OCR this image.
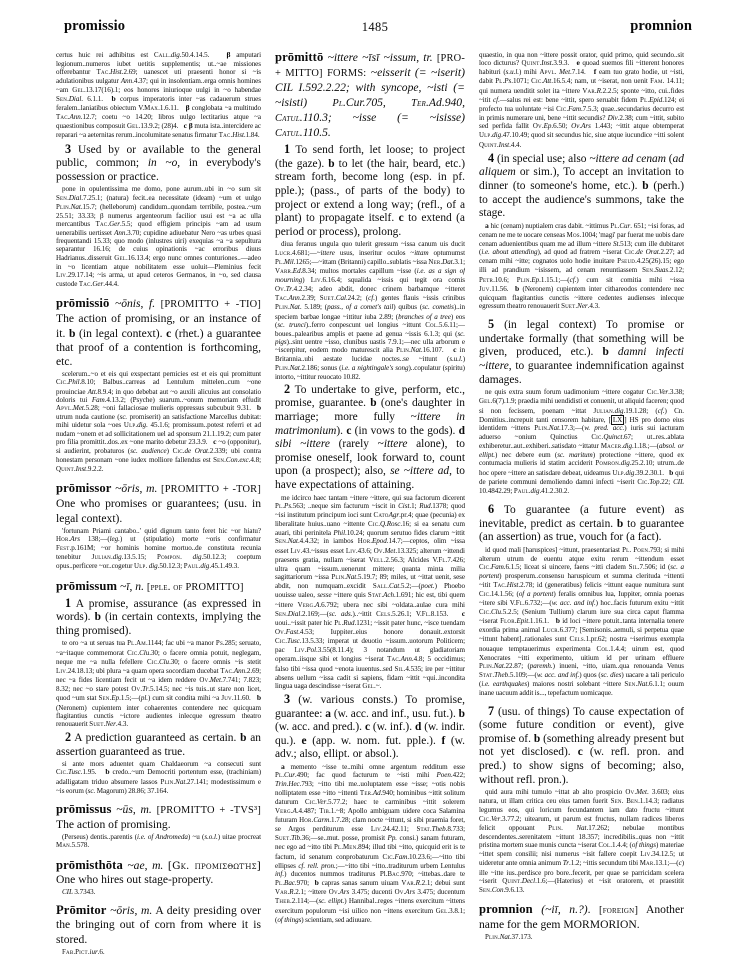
promissio	1485	promnion
certus huic rei adhibitus est Call.dig.50.4.14.5.   β amputari legionum..numeros iubet uetitis supplementis; ut..~ae missiones offerebantur Tac.Hist.2.69; uanescet uti praesenti honor si ~is adulationibus uulgatur Ann.4.37; qui in insolentiam..erga omnis homines ~am Gel.13.17(16).1; eos honores iniurioque uulgi in ~o habendae Sen.Dial. 6.1.1.  b corpus imperatoris inter ~as cadauerum strues feralem..laniatibus obiectum V.Max.1.6.11.   β conglobata ~a multitudo Tac.Ann.12.7; coetu ~o 14.20; libros uulgo lectitarius atque ~a quaestionibus composuit Gel.13.9.2; (28)4.   c β muta ista..intercidere ac reparari ~a aeternitas rerum..incolumitate senatus firmatur Tac.Hist.1.84.
3 Used by or available to the general public, common; in ~o, in everybody's possession or practice.
pone in opulentissima me domo, pone aurum..ubi in ~o sum sit Sen.Dial.7.25.1; (natura) fecit..ea necessitate (ideam) ~um et uulgo Plin.Nat.15.7; (helleborum) candidum..quondam terribile, postea..~um 25.51; 33.33; β numerus argenteorum facilior usui est ~a ac ulla mercantibus Tac.Ger.5.5; quod effigiem principis ~am ad usum uenerabilis uertisset Ann.3.70; cupidine adiuebatur Nero ~as urbes quasi frequentandi 15.33; quo modo (inlustres uiri) exequias ~a ~a sepultura separantur 16.16; de cuius opinationis ~ac erroribus diuus Hadrianus..disseruit Gel.16.13.4; ergo nunc omnes conturiones..—adeo in ~o licentiam atque nobilitatem esse uoluit—Pleminius fecit Liv.29.17.14; ~is arma, ut apud ceteros Germanos, in ~o, sed clausa custode Tac.Ger.44.4.
prōmissiō ~ōnis, f. [PROMITTO + -TIO] The action of promising, or an instance of it. b (in legal context). c (rhet.) a guarantee that proof of a contention is forthcoming, etc.
scelerum..~o et eis qui exspectant pernicies est et eis qui promittunt Cic.Phil.8.10; Balbus..carreas ad Lentulum mittelen..cum ~one prouinciae Att.8.9.4; in quo debebat aut ~o auxili alicuius aut consolatio doloris tui Fam.4.13.2; (Psyche) suarum..~onum memoriam effudit Apvl.Met.5.28; ~oni fallaciosae mulieris oppressus subcubuit 9.31.  b utrum nuda cautione (sc. promiserit) an satisfactione Marcellus dubitat: mihi uidetur sola ~oes Ulp.dig. 45.1.6; promissum..potest referri et ad nudam ~onem et ad sollicitationem uel ad sponsum 21.1.19.2; cum pater pro filia promittit..dos..ex ~one marito debetur 23.3.9.   c ~o (opponitur), si audierint, probaturos (sc. audience) Cic.de Orat.2.339; ubi contra honestam personam ~one iudex molliore fallendus est Sen.Con.exc.4.8; Quint.Inst.9.2.2.
prōmissor ~ōris, m. [PROMITTO + -TOR] One who promises or guarantees; (usu. in legal context).
'fortunam Priami cantabo..' quid dignum tanto feret hic ~or hiatu? Hor.Ars 138;—(leg.) ut (stipulatio) morte ~oris confirmatur Fest.p.161M; ~or hominis homine mortuo..de constituta recunia tenebitur Julian.dig.13.5.15; Pompon. dig.50.12.3; coeptum opus..perficere ~or..cogetur Ulp. dig.50.12.3; Paul.dig.45.1.49.3.
prōmissum ~ī, n. [pple. of PROMITTO]
1 A promise, assurance (as expressed in words). b (in certain contexts, implying the thing promised).
te oro ~a ut seruas tua Pl.Am.1144; fac ubi ~a manor Ps.285; seruato, ~a~itaque commemorat Cic.Clu.30; o facere omnia potuit, neglegam, neque me ~a nulla fefellere Cic.Clu.30; o facere omnis ~is stetit Liv.24.18.13; ubi plura ~a quam opera socordiam ducebat Tac.Ann.2.69; nec ~a fides licentiam fecit ut ~a idem reddere Ov.Met.7.741; 7.823; 8.32; nec ~o stare potest Ov.Tr.5.14.5; nec ~is tuis..ut stare non licet, quod ~um stat Sen.Ep.1.5;—(pl.) cum sit condita mihi ~a Juv.11.60.   b (Neronem) cupientem inter cohaerentes contendere nec quicquam flagitantius cunctis ~ictore audientes inlecque egressum theatro renouauerit Suet.Ner.4.3.
2 A prediction guaranteed as certain. b an assertion guaranteed as true.
si ante mors aduentet quam Chaldaeorum ~a consecuti sunt Cic.Tusc.1.95.   b credo..~um Democriti portentum esse, (trachiniam) adalligatam triduo absumere lassos Plin.Nat.27.141; modestissimum e ~is eorum (sc. Magorum) 28.86; 37.164.
prōmissus ~ūs, m. [PROMITTO + -TVS³] The action of promising.
(Perseus) dentis..parentis (i.e. of Andromeda) ~u (s.o.l.) uitae procreat Man.5.578.
prōmisthōta ~ae, m. [Gk. προμισθωτής] One who hires out stage-property.
CIL 3.7343.
Prōmitor ~ōris, m. A deity presiding over the bringing out of corn from where it is stored.
Fab.Pict.iur.6.
prōmittō ~ittere ~īsī ~issum, tr. [PRO- + MITTO] FORMS: ~eisserit (= ~iserit) CIL I.592.2.22; with syncope, ~isti (= ~isisti) Pl.Cur.705, Ter.Ad.940, Catul.110.3; ~isse (= ~isisse) Catul.110.5.
1 To send forth, let loose; to project (the gaze). b to let (the hair, beard, etc.) stream forth, become long (esp. in pf. pple.); (pass., of parts of the body) to project or extend a long way; (refl., of a plant) to propagate itself. c to extend (a period or process), prolong.
diua feranus ungula quo tulerit gressum ~issa canum uis ducit Lucr.4.681;—~ittere usus, inseritur oculos ~ittam optumumst Pl.Mil.1265;—~ittam (Britanni) capillo..sublatis ~issa Ner.Dat.3.1; Varr.Ed.8.34; multos mortales capillum ~isse (i.e. as a sign of mourning) Liv.6.16.4; squalida ~issis qui tegit ora comis Ov.Tr.4.2.34; adeo abdit, donec crinem barbamque ~itteret Tac.Ann.2.39; Suet.Cal.24.2; (cf.) gentes flauis ~issis crinibus Plin.Nat. 5.189; (pass., of a comet's tail) quibus (sc. cometis)..in speciem barbae longae ~ittitur iuba 2.89; (branches of a tree) eos (sc. trunci)..ferro conpescunt uel longius ~ittunt Col.5.6.11;—boues..palearibus amplis et paene ad genua ~issis 6.1.3; qui (sc. pigs)..sint uentre ~isso, clunibus uastis 7.9.1;—nec ulla arborum e ~iscerpitur, eodem modo maturescit alia Plin.Nat.16.107.   c in Britannia..ubi aestate lucidae noctes..se ~ittunt (s.u.l.) Plin.Nat.2.186; sonus (i.e. a nightingale's song)..copulatur (spiritu) intorto, ~ittitur reuocato 10.82.
2 To undertake to give, perform, etc., promise, guarantee. b (one's daughter in marriage; more fully ~ittere in matrimonium). c (in vows to the gods). d sibi ~ittere (rarely ~ittere alone), to promise oneself, look forward to, count upon (a prospect); also, se ~ittere ad, to have expectations of attaining.
me idcirco haec tantam ~ittere ~ittere, qui sua factorum dicerent Pl.Ps.563; ..neque sim facturum ~iscit in Cist.1; Rud.1378; quod ~isi institutum principum ioci sunt CatoAgr.pr.4; quae (pecunia) ex liberalitate huius..uano ~ittente Cic.Q.Rosc.16; si ea senatu cum auari, tibi perinitela Phil.10.24; quorum serutuo fides clarum ~ittit Sen.Nat.4.4.32; in iambos Hor.Epod.14.7;—ceptos, olim ~issa esset Liv.43.~issus esset Liv.43.6; Ov.Met.13.325; alterum ~ittendi praesens gratia, nullam ~iserat Vell.2.56.3; Alcides V.Fl.7.426; ultra quam ~issum..uenerunt mittere; quanta minta milia sagittariorum ~issa Plin.Nat.5.19.7; 89; miles, ut ~ittat uenit, sese abdit, non numquam..excidit Sall.Cat.5.2;—(poet.) Phoebo uouisse ualeo, sesse ~ittere quis Stat.Ach.1.691; hic est, tibi quem ~ittere Verg.A.6.792; ubera nec sibi ~oldata..aulae cura mihi Sen.Dial.2.169;—(sc. ads.)..~ittit Cels.5.26.1; V.Fl.8.153.   c uoui..~issit pater hic Pl.Rud.1231; ~issit pater hunc, ~isce tuendam Ov.Fast.4.53; Iuppiter..eius honore donauit..extorsit Cic.Tusc.13.5.33; imperat ut deuotio ~issum..uotorum Politicem; pac Liv.Pol.3.55(8.11.4); 3 notandum ut gladiatoriam operam..iisque sibi et longius ~iserat Tac.Ann.4.8; 5 occidimus; falso tibi ~issa quod ~enota iuuentus..sed Sil.4.535; ire per ~ittitur absens uellum ~issa cadit si sapiens, fidam ~ittit ~qui..incondita lingua uaga descindisse ~iserat Gel.~.
3 (w. various consts.) To promise, guarantee: a (w. acc. and inf., usu. fut.). b (w. acc. and pred.). c (w. inf.). d (w. indir. qu.). e (app. w. nom. fut. pple.). f (w. adv.; also, ellipt. or absol.).
a memento ~isse te..mihi omne argentum redditum esse Pl.Cur.490; fac quod facturum te ~isti mihi Poen.422; Trin.Hec.793; ~itto tibi me..uoluptatem esse ~isse; ~otis nobis nolliptatem esse ~itto ~ittenti Ter.Ad.940; hominibus ~ittit solitum daturum Cic.Ver.5.77.2; haec te carminibus ~ittit solerem Verg.A.4.487; Tib.1.~8; Apollo ambiguam uidere coca Salamina futuram Hor.Carm.1.7.28; clam nocte ~ittunt, si sibi praemia foret, se Argos perditurum esse Liv.24.42.11; Stat.Theb.8.733; Suet.Tib.36;—se..mut. posse, promisit Pp. consi.) sanam futuram, nec ego ad ~itto tibi Pl.Men.894; illud tibi ~itto, quicquid erit is te factum, id senatum conprobaturum Cic.Fam.10.23.6;—~itto tibi ellipses cf. rell. pron.;—~itto tibi ~itto..traditurum urbem Lentulus inf.) ducentos nummos traditurus Pl.Bac.970; ~ittebas..dare te Pl.Bac.970;  b capras sanas sanum uiuam Var.R.2.1; debui sunt Var.R.2.1; ~ittere Ov.Ars 3.475; ducenti Ov.Ars 3.475; ducentum Theb.2.114;—(sc. ellipt.) Hannibal..reges ~ittens exercitum ~ittens exercitum populorum ~isi uilico non ~ittens exercitum Gel.3.8.1; (of things) scientiam, sed adiuuare.
quaestio, in qua non ~ittere possit orator, quid primo, quid secundo..sit loco dicturus? Quint.Inst.3.9.3.   e quoad suemos fili ~itterent honores habituri (s.u.l.) mihi Apvl. Met.7.14.   f eam tuo grato hodie, ut ~isti, dabit Pl.Ps.1071; Cic.Att.16.5.4; nam, ut ~iserat, non uenit Fam. 14.11; qui numera uenditit solet ita ~ittere Var.R.2.2.5; sponte ~itto, cui..fides ~itit cf.—salus rei est: bene ~ittit, spero seruabit fidem Pl.Epid.124; ei profecto tua uoluntate ~isi Cic.Fam.7.5.3; quae..secundarius decurro est in primis numerare uni, bene ~ittit secundis? Div.2.38; cum ~ittit, subito sed perfida fallit Ov.Ep.6.50; Ov.Ars 1.443; ~ittit atque obtemperat Ulp.dig.47.10.49; quod sit secundus hic, siue atque iucundice ~itti solent Quint.Inst.4.4.
4 (in special use; also ~ittere ad cenam (ad aliquem or sim.), To accept an invitation to dinner (to someone's home, etc.). b (perh.) to accept the audience's summons, take the stage.
a hic (cenam) nuptialem cras dabit. ~ittimus Pl.Cur. 651; ~isi foras, ad cenam ne me te uocare censeas Mos.1004; 'magi' par fuerat me uobis dare cenam aduenientibus quam me ad illum ~ittere St.513; cum ille dubitaret (i.e. about attending), ad quod ad fratrem ~iserat Cic.de Orat.2.27; ad cenam mihi ~itte; cognatos uolo hodie inuitare Pseud.4.25(26).15; ego illi ad prandium ~isissem, ad cenam renuntiassem Sen.Suas.2.12; Petr.10.6; Plin.Ep.1.15.1;—(cf.) cum sit comitia mihi ~issa Juv.11.56.  b (Neronem) cupientem inter cithareodos contendere nec quicquam flagitantius cunctis ~ittere cedentes audienses inlecque egressum theatro renouauerit Suet.Ner.4.3.
5 (in legal context) To promise or undertake formally (that something will be given, produced, etc.). b damni infecti ~ittere, to guarantee indemnification against damages.
ne quis extra suum forum uadimonium ~ittere cogatur Cic.Ver.3.38; Gel.6(7).1.9; praedia mihi uendidisti et conuenit, ut aliquid faceren; quod si non fecissem, poenam ~ittat Julian.dig.19.1.28; (cf.) Cn. Domitius..increpuit tanti censorem habitare, [ LX ] HS pro domo eius identidem ~ittens Plin.Nat.17.3;—(w. pred. acc.) iuris sui iacturam aduerso ~onium Quinctius Cic.Quinct.67; ut..res..ablata exhiberetur..aut..exhiberi..satisdato ~ittatur Macer.dig.1.18.;—(absol. or ellipt.) nec debere eum (sc. maritum) protectione ~ittere, quod ex contumacia mulieris id statim acciderit Pomron.dig.25.2.10; utrum..de hoc opere ~ittere an satisdare debeat, uideamus Ulp.dig.39.2.30.1.   b qui de pariete communi demoliendo damni infecti ~iserit Cic.Top.22; CIL 10.4842.29; Paul.dig.41.2.30.2.
6 To guarantee (a future event) as inevitable, predict as certain. b to guarantee (an assertion) as true, vouch for (a fact).
id quod mali [haruspices] ~ittunt, praesentariast Pl. Poen.793; si mihi alterum utrum de euentu atque exitu rerum ~ittendum esset Cic.Fam.6.1.5; liceat si uincere, faens ~itti cladem Sil.7.506; id (sc. a portent) prosperum..consensu haruspicum et summa clerituda ~ittenti ~itit Tac.Hist.2.78; id (generatibus) felicis ~ittunt eaque numitura sunt Cic.14.1.56; (of a portent) feralis omnibus lua, Iuppiter, omnia poenas ~itere sibi V.Fl.6.732;—(w. acc. and inf.) hoc..facis futurum exitu ~ittit Cic.Clu.5.2.5; (Senium Tullium) clarum iure sua circa caput flamma ~iserat Flor.Epit.1.16.1.   b id loci ~ittere potuit..tanta internalia tenere exordia prima animal Lucr.6.377; [Semisonis..aemuli, si perpetua quae ~ittunt habent]..rationales sunt Cels.1.pr.62; nostra ~iserimus exempla nouaque temptauerimus experimenta Col.1.4.4; uirum est, quod Xenocrates ~itti experimento, uitium id per urinam effluere Plin.Nat.22.87; (paremh.) inueni, ~itto, uiam..qua renouanda Venus Stat.Theb.5.109;—(w. acc. and inf.) quos (sc. dies) uacare a tali periculo (i.e. earthquakes) maiores nostri solebant ~ittere Sen.Nat.6.1.1; ouum inane uacuum addit is..., tepefactum uomicaque.
7 (usu. of things) To cause expectation of (some future condition or event), give promise of. b (something already present but not yet disclosed). c (w. refl. pron. and pred.) to show signs of becoming; also, without refl. pron.).
quid aura mihi tumulo ~ittat ab alto prospicio Ov.Met. 3.603; eius natura, ut illam critica ceu eius tamen fuerit Sen. Ben.1.14.3; radiatus legumus eos, qui loricum fecundantem iam dato fructu ~ittunt Cic.Ver.3.77.2; uitearum, ut parum est fructus, nullam radices liberos felicit oppouant Plin. Nat.17.262; nebulae montibus descendentes..serenitatem ~ittunt 18.357; incredibilis..quas non ~ittit pristina mortem suae munis cuncta ~iserat Col.1.4.4; (of things) materiae ~ittet spem consilii; nisi numerus ~isit fallere coepit Liv.34.12.5; ut uideretur ante omnia animum Tr.1.2; ~ittis secundum tibi Mar.13.1;—(c) ille ~itte ius..perdisce pro bore..fecerit, per quae se parricidam scelera ~iserit Quint.Decl.1.6;—(Haterius) et ~isit oratorem, et praestitit Sen.Con.9.6.13.
promnion (~iī, n.?). [foreign] Another name for the gem MORMORION.
Plin.Nat.37.173.
